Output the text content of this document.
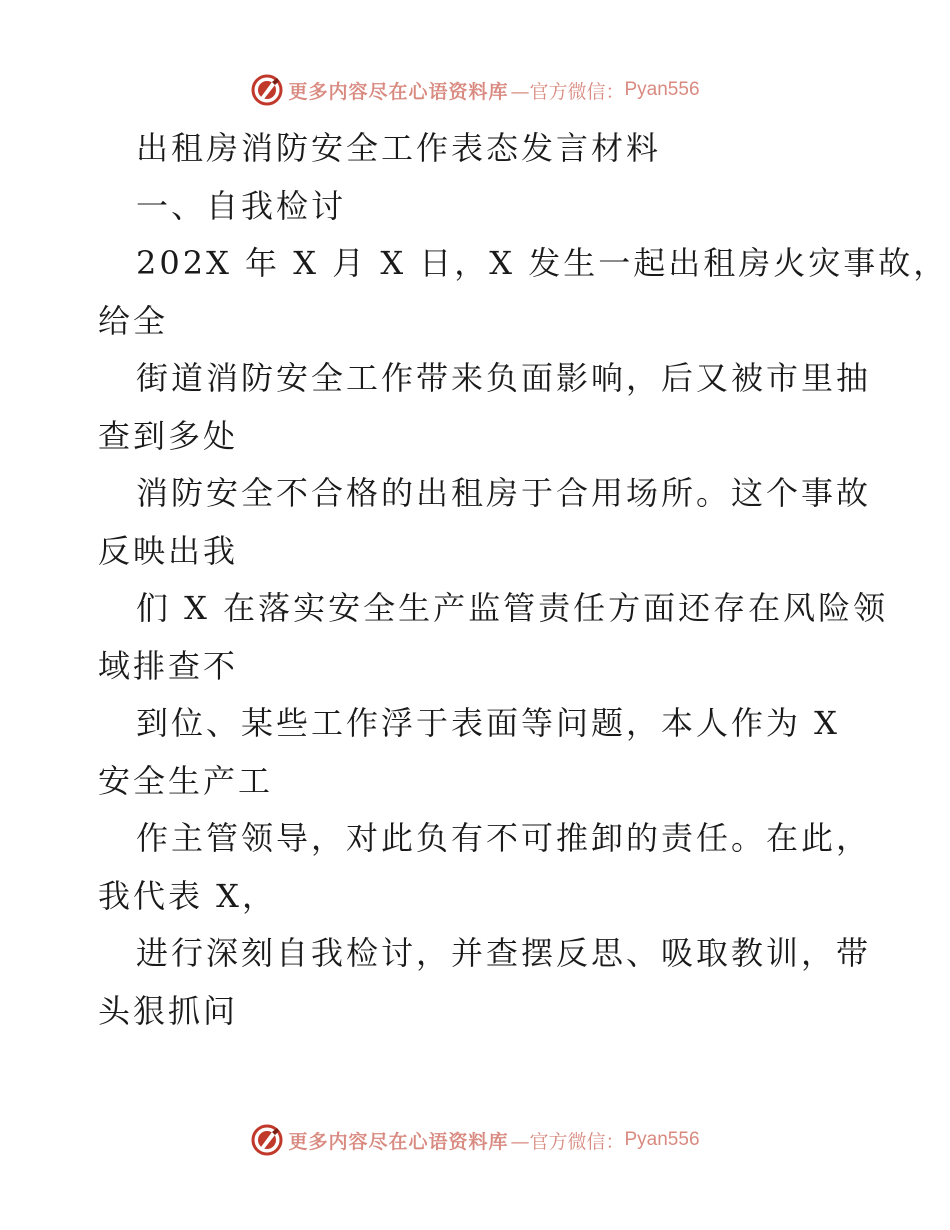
更多内容尽在心语资料库 —官方微信： Pyan556
出租房消防安全工作表态发言材料
一、自我检讨
202X 年 X 月 X 日，X 发生一起出租房火灾事故，
给全
街道消防安全工作带来负面影响，后又被市里抽
查到多处
消防安全不合格的出租房于合用场所。这个事故
反映出我
们 X 在落实安全生产监管责任方面还存在风险领
域排查不
到位、某些工作浮于表面等问题，本人作为 X
安全生产工
作主管领导，对此负有不可推卸的责任。在此，
我代表 X，
进行深刻自我检讨，并查摆反思、吸取教训，带
头狠抓问
更多内容尽在心语资料库 —官方微信： Pyan556
